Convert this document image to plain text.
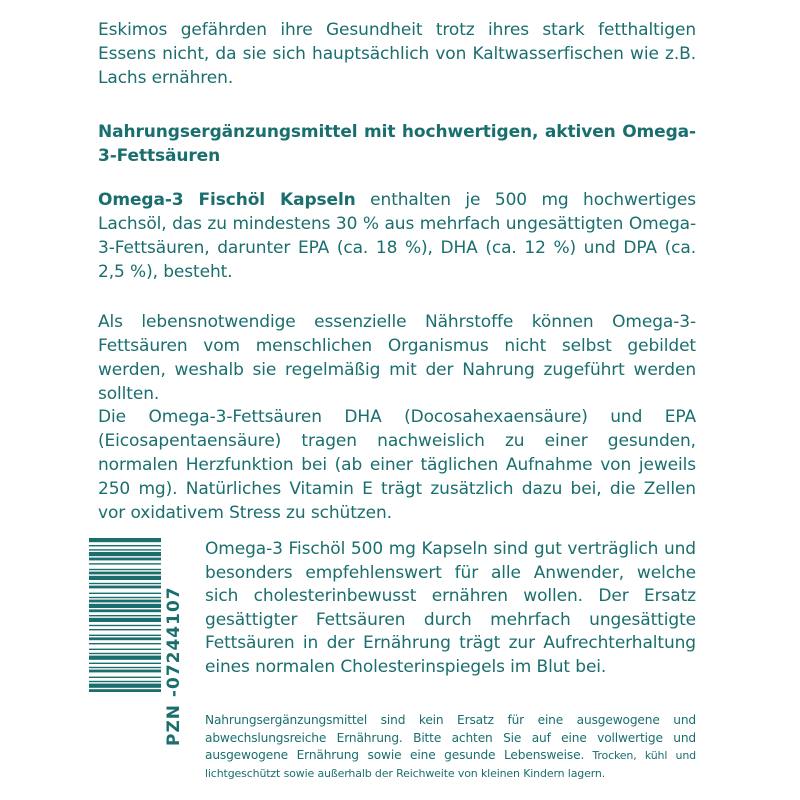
Eskimos gefährden ihre Gesundheit trotz ihres stark fetthaltigen Essens nicht, da sie sich hauptsächlich von Kaltwasserfischen wie z.B. Lachs ernähren.

Nahrungsergänzungsmittel mit hochwertigen, aktiven Omega-3-Fettsäuren

Omega-3 Fischöl Kapseln enthalten je 500 mg hochwertiges Lachsöl, das zu mindestens 30 % aus mehrfach ungesättigten Omega-3-Fettsäuren, darunter EPA (ca. 18 %), DHA (ca. 12 %) und DPA (ca. 2,5 %), besteht.

Als lebensnotwendige essenzielle Nährstoffe können Omega-3-Fettsäuren vom menschlichen Organismus nicht selbst gebildet werden, weshalb sie regelmäßig mit der Nahrung zugeführt werden sollten.

Die Omega-3-Fettsäuren DHA (Docosahexaensäure) und EPA (Eicosapentaensäure) tragen nachweislich zu einer gesunden, normalen Herzfunktion bei (ab einer täglichen Aufnahme von jeweils 250 mg). Natürliches Vitamin E trägt zusätzlich dazu bei, die Zellen vor oxidativem Stress zu schützen.

PZN -07244107

Omega-3 Fischöl 500 mg Kapseln sind gut verträglich und besonders empfehlenswert für alle Anwender, welche sich cholesterinbewusst ernähren wollen. Der Ersatz gesättigter Fettsäuren durch mehrfach ungesättigte Fettsäuren in der Ernährung trägt zur Aufrechterhaltung eines normalen Cholesterinspiegels im Blut bei.

Nahrungsergänzungsmittel sind kein Ersatz für eine ausgewogene und abwechslungsreiche Ernährung. Bitte achten Sie auf eine vollwertige und ausgewogene Ernährung sowie eine gesunde Lebensweise. Trocken, kühl und lichtgeschützt sowie außerhalb der Reichweite von kleinen Kindern lagern.
